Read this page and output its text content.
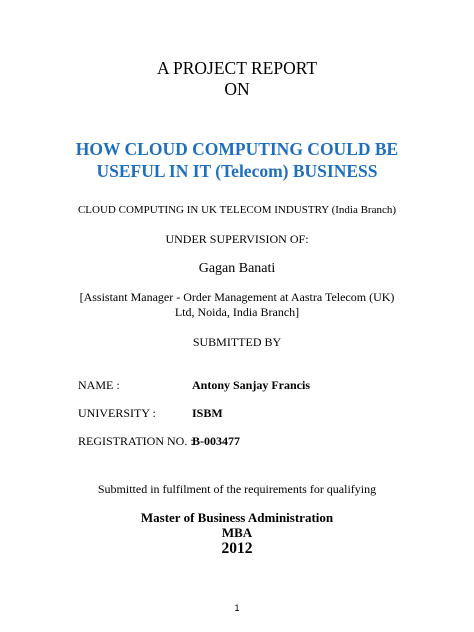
A PROJECT REPORT
ON
HOW CLOUD COMPUTING COULD BE
USEFUL IN IT (Telecom) BUSINESS
CLOUD COMPUTING IN UK TELECOM INDUSTRY (India Branch)
UNDER SUPERVISION OF:
Gagan Banati
[Assistant Manager - Order Management at Aastra Telecom (UK)
Ltd, Noida, India Branch]
SUBMITTED BY
NAME :	Antony Sanjay Francis
UNIVERSITY :	ISBM
REGISTRATION NO. :B-003477
Submitted in fulfilment of the requirements for qualifying
Master of Business Administration
MBA
2012
1
